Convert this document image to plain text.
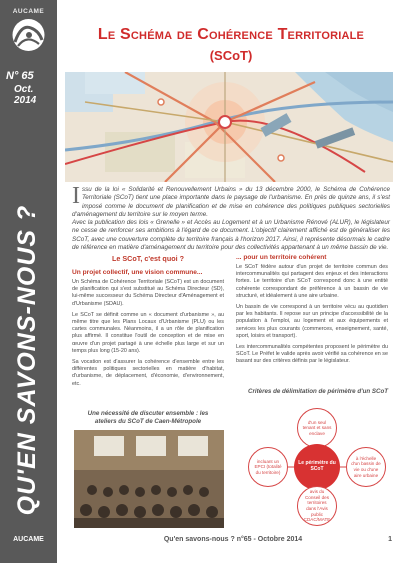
AUCAME
N° 65
Oct.
2014
QU'EN SAVONS-NOUS ?
AUCAME
Le Schéma de Cohérence Territoriale
(SCoT)

Issu de la loi « Solidarité et Renouvellement Urbains » du 13 décembre 2000, le Schéma de Cohérence Territoriale (SCoT) tient une place importante dans le paysage de l'urbanisme. En près de quinze ans, il s'est imposé comme le document de planification et de mise en cohérence des politiques publiques sectorielles d'aménagement du territoire sur le moyen terme.

Avec la publication des lois « Grenelle » et Accès au Logement et à un Urbanisme Rénové (ALUR), le législateur ne cesse de renforcer ses ambitions à l'égard de ce document. L'objectif clairement affiché est de généraliser les SCoT, avec une couverture complète du territoire français à l'horizon 2017. Ainsi, il représente désormais le cadre de référence en matière d'aménagement du territoire pour des collectivités appartenant à un même bassin de vie.

Le SCoT, c'est quoi ?
Un projet collectif, une vision commune...

Un Schéma de Cohérence Territoriale (SCoT) est un document de planification qui s'est substitué au Schéma Directeur (SD), lui-même successeur du Schéma Directeur d'Aménagement et d'Urbanisme (SDAU).

Le SCoT se définit comme un « document d'urbanisme », au même titre que les Plans Locaux d'Urbanisme (PLU) ou les cartes communales. Néanmoins, il a un rôle de planification plus affirmé. Il constitue l'outil de conception et de mise en œuvre d'un projet partagé à une échelle plus large et sur un temps plus long (15-20 ans).

Sa vocation est d'assurer la cohérence d'ensemble entre les différentes politiques sectorielles en matière d'habitat, d'urbanisme, de déplacement, d'économie, d'environnement, etc.

... pour un territoire cohérent

Le SCoT fédère autour d'un projet de territoire commun des intercommunalités qui partagent des enjeux et des interactions fortes. Le territoire d'un SCoT correspond donc à une entité cohérente correspondant de préférence à un bassin de vie structuré, et idéalement à une aire urbaine.

Un bassin de vie correspond à un territoire vécu au quotidien par les habitants. Il repose sur un principe d'accessibilité de la population à l'emploi, au logement et aux équipements et services les plus courants (commerces, enseignement, santé, sport, loisirs et transport).

Les intercommunalités compétentes proposent le périmètre du SCoT. Le Préfet le valide après avoir vérifié sa cohérence en se basant sur des critères définis par le législateur.

Une nécessité de discuter ensemble : les ateliers du SCoT de Caen-Métropole
Critères de délimitation de périmètre d'un SCoT
d'un seul tenant et sans enclave
incluant un EPCI (totalité du territoire)
Le périmètre du SCoT
à l'échelle d'un bassin de vie ou d'une aire urbaine
avis du Conseil des territoires dans l'Avis public CDAC/MATE
Qu'en savons-nous ? n°65 - Octobre 2014	1
